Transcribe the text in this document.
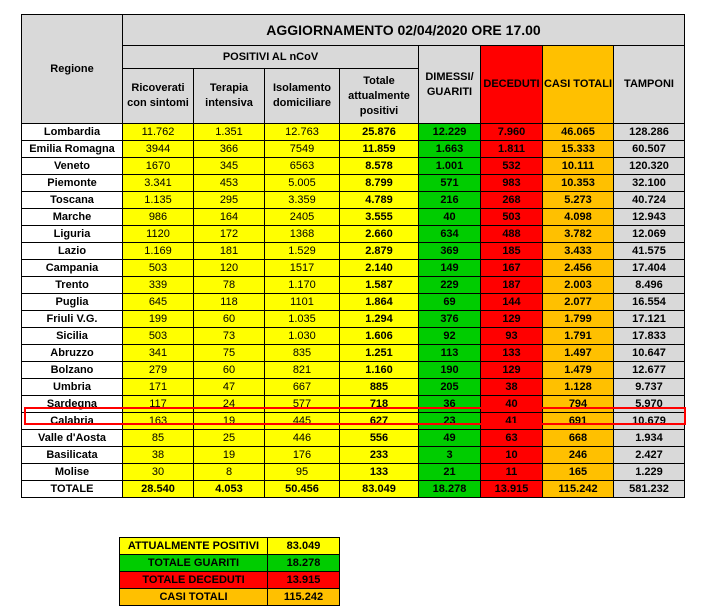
Regione	AGGIORNAMENTO 02/04/2020 ORE 17.00							
	POSITIVI AL nCoV				DIMESSI/ GUARITI	DECEDUTI	CASI TOTALI	TAMPONI
	Ricoverati con sintomi	Terapia intensiva	Isolamento domiciliare	Totale attualmente positivi				

Lombardia	11.762	1.351	12.763	25.876	12.229	7.960	46.065	128.286
Emilia Romagna	3944	366	7549	11.859	1.663	1.811	15.333	60.507
Veneto	1670	345	6563	8.578	1.001	532	10.111	120.320
Piemonte	3.341	453	5.005	8.799	571	983	10.353	32.100
Toscana	1.135	295	3.359	4.789	216	268	5.273	40.724
Marche	986	164	2405	3.555	40	503	4.098	12.943
Liguria	1120	172	1368	2.660	634	488	3.782	12.069
Lazio	1.169	181	1.529	2.879	369	185	3.433	41.575
Campania	503	120	1517	2.140	149	167	2.456	17.404
Trento	339	78	1.170	1.587	229	187	2.003	8.496
Puglia	645	118	1101	1.864	69	144	2.077	16.554
Friuli V.G.	199	60	1.035	1.294	376	129	1.799	17.121
Sicilia	503	73	1.030	1.606	92	93	1.791	17.833
Abruzzo	341	75	835	1.251	113	133	1.497	10.647
Bolzano	279	60	821	1.160	190	129	1.479	12.677
Umbria	171	47	667	885	205	38	1.128	9.737
Sardegna	117	24	577	718	36	40	794	5.970
Calabria	163	19	445	627	23	41	691	10.679
Valle d'Aosta	85	25	446	556	49	63	668	1.934
Basilicata	38	19	176	233	3	10	246	2.427
Molise	30	8	95	133	21	11	165	1.229
TOTALE	28.540	4.053	50.456	83.049	18.278	13.915	115.242	581.232
ATTUALMENTE POSITIVI	83.049
TOTALE GUARITI	18.278
TOTALE DECEDUTI	13.915
CASI TOTALI	115.242
